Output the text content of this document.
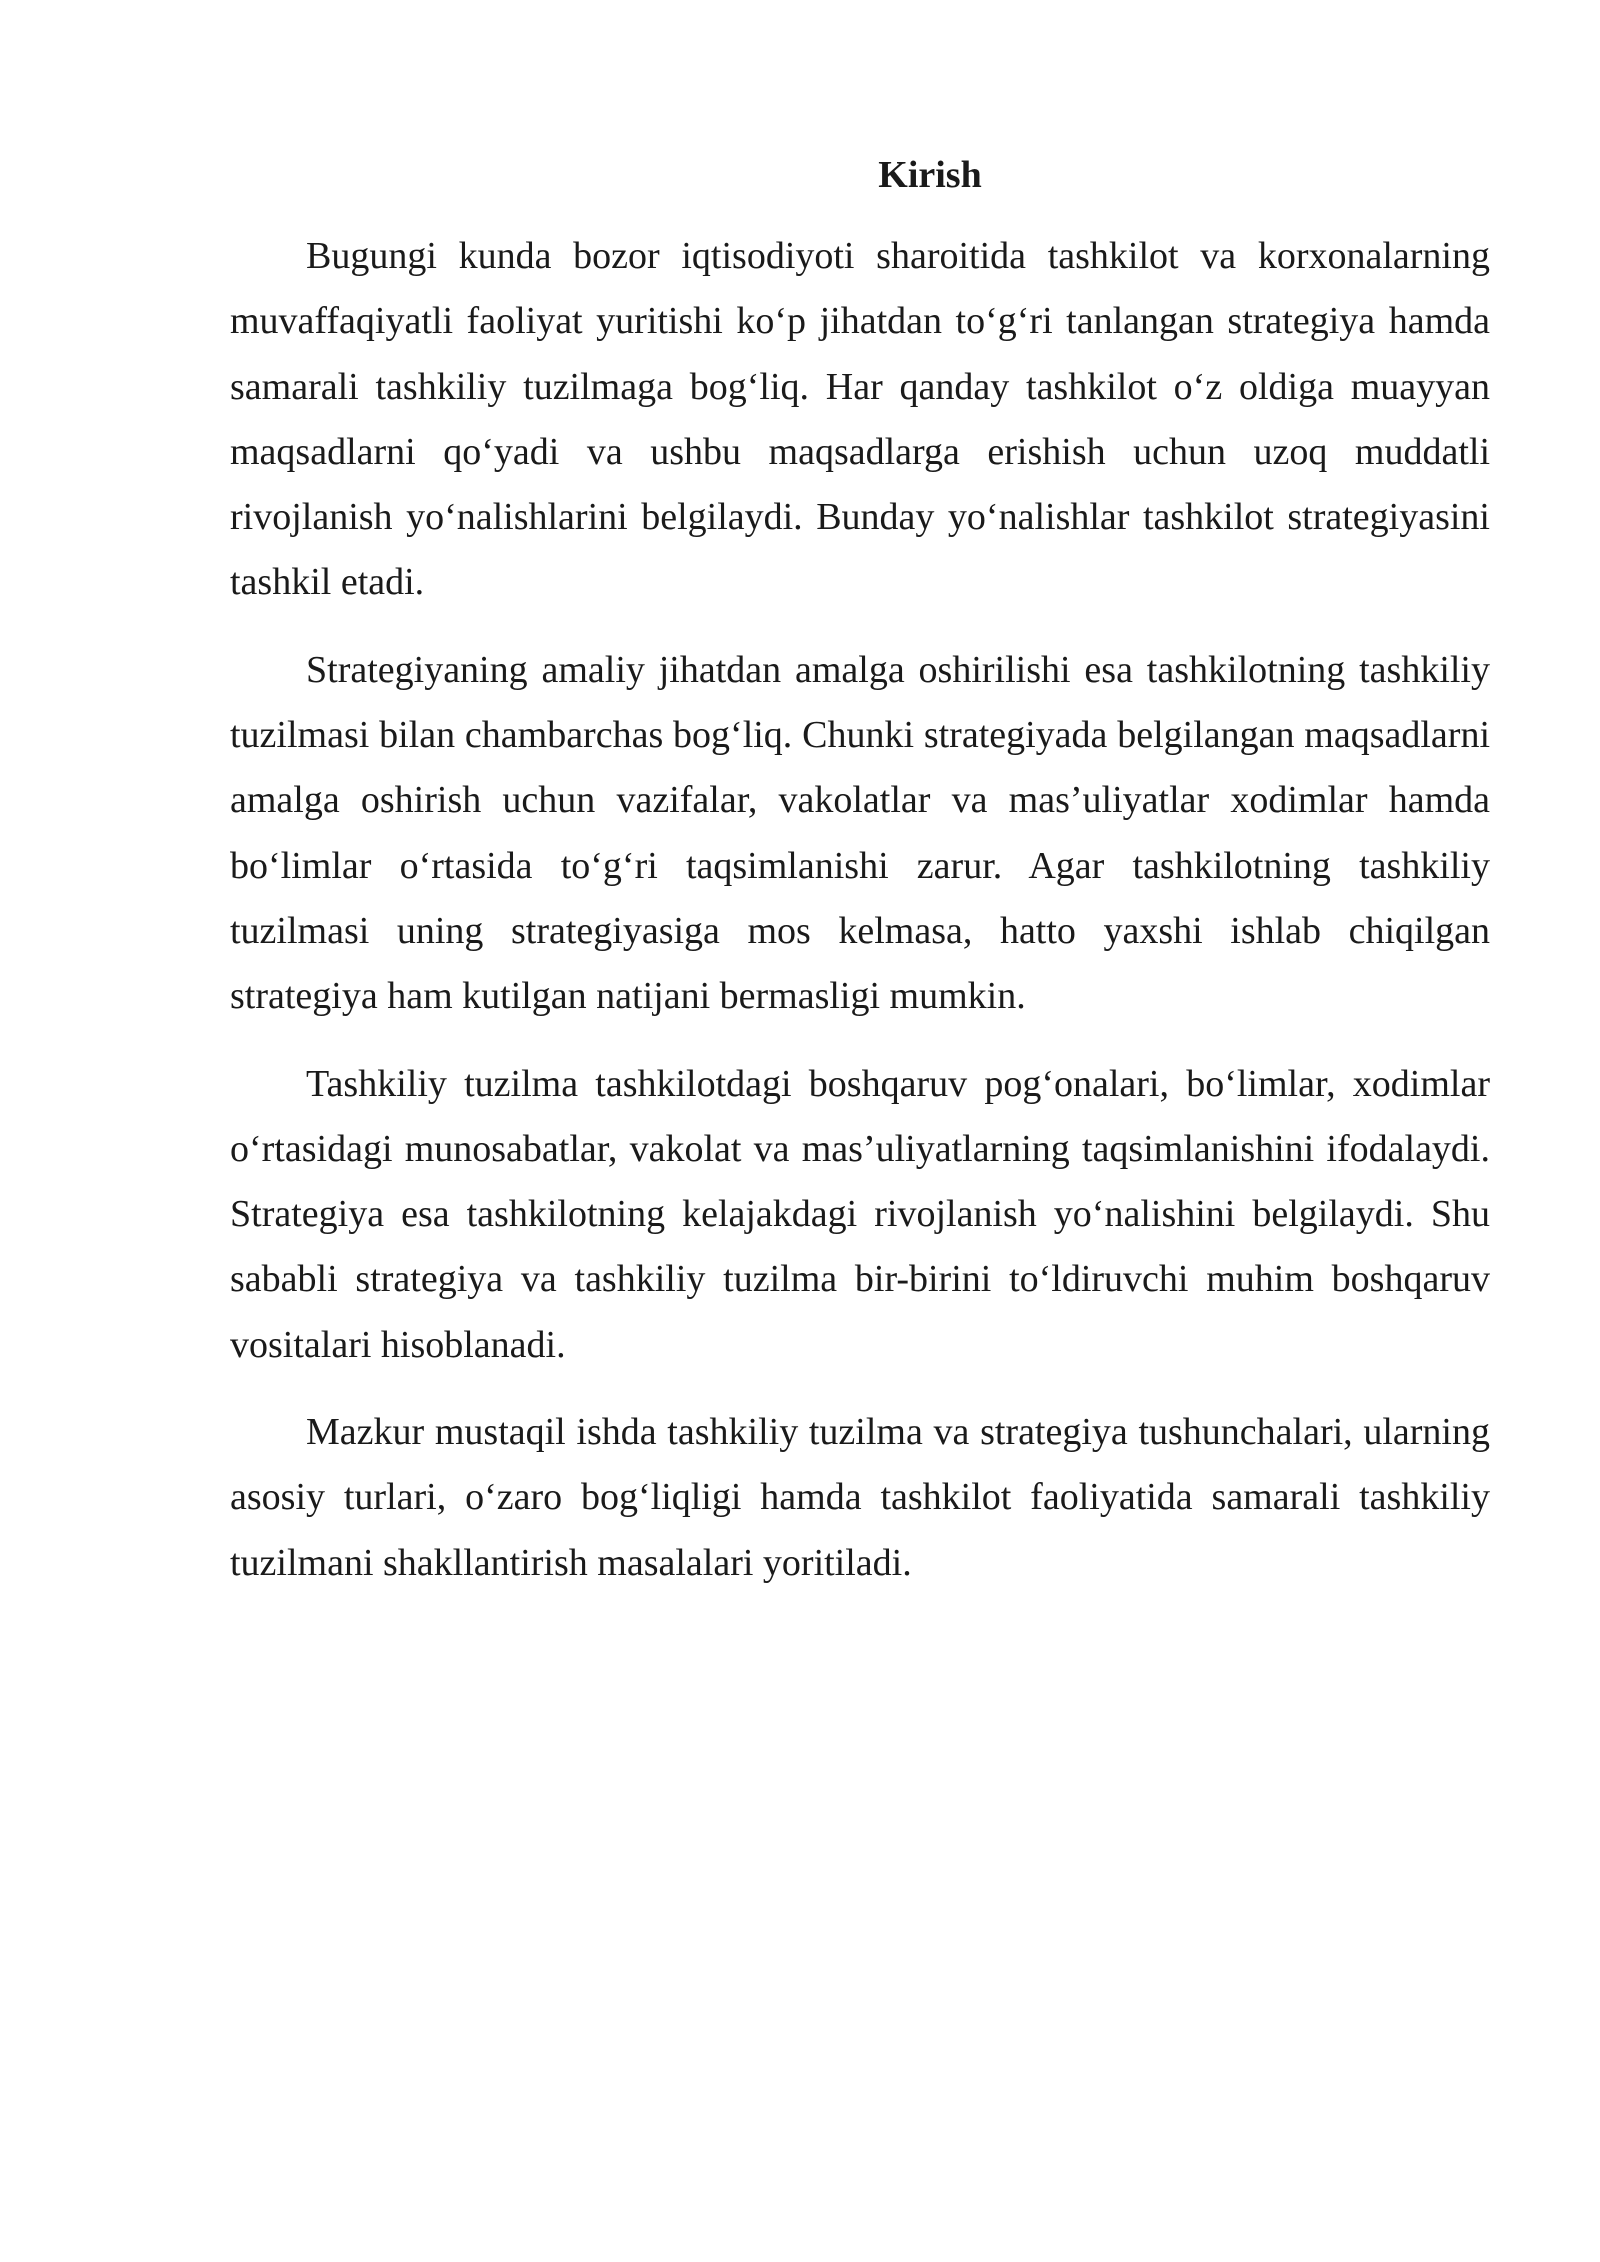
Kirish

Bugungi kunda bozor iqtisodiyoti sharoitida tashkilot va korxonalarning muvaffaqiyatli faoliyat yuritishi ko‘p jihatdan to‘g‘ri tanlangan strategiya hamda samarali tashkiliy tuzilmaga bog‘liq. Har qanday tashkilot o‘z oldiga muayyan maqsadlarni qo‘yadi va ushbu maqsadlarga erishish uchun uzoq muddatli rivojlanish yo‘nalishlarini belgilaydi. Bunday yo‘nalishlar tashkilot strategiyasini tashkil etadi.

Strategiyaning amaliy jihatdan amalga oshirilishi esa tashkilotning tashkiliy tuzilmasi bilan chambarchas bog‘liq. Chunki strategiyada belgilangan maqsadlarni amalga oshirish uchun vazifalar, vakolatlar va mas’uliyatlar xodimlar hamda bo‘limlar o‘rtasida to‘g‘ri taqsimlanishi zarur. Agar tashkilotning tashkiliy tuzilmasi uning strategiyasiga mos kelmasa, hatto yaxshi ishlab chiqilgan strategiya ham kutilgan natijani bermasligi mumkin.

Tashkiliy tuzilma tashkilotdagi boshqaruv pog‘onalari, bo‘limlar, xodimlar o‘rtasidagi munosabatlar, vakolat va mas’uliyatlarning taqsimlanishini ifodalaydi. Strategiya esa tashkilotning kelajakdagi rivojlanish yo‘nalishini belgilaydi. Shu sababli strategiya va tashkiliy tuzilma bir-birini to‘ldiruvchi muhim boshqaruv vositalari hisoblanadi.

Mazkur mustaqil ishda tashkiliy tuzilma va strategiya tushunchalari, ularning asosiy turlari, o‘zaro bog‘liqligi hamda tashkilot faoliyatida samarali tashkiliy tuzilmani shakllantirish masalalari yoritiladi.
